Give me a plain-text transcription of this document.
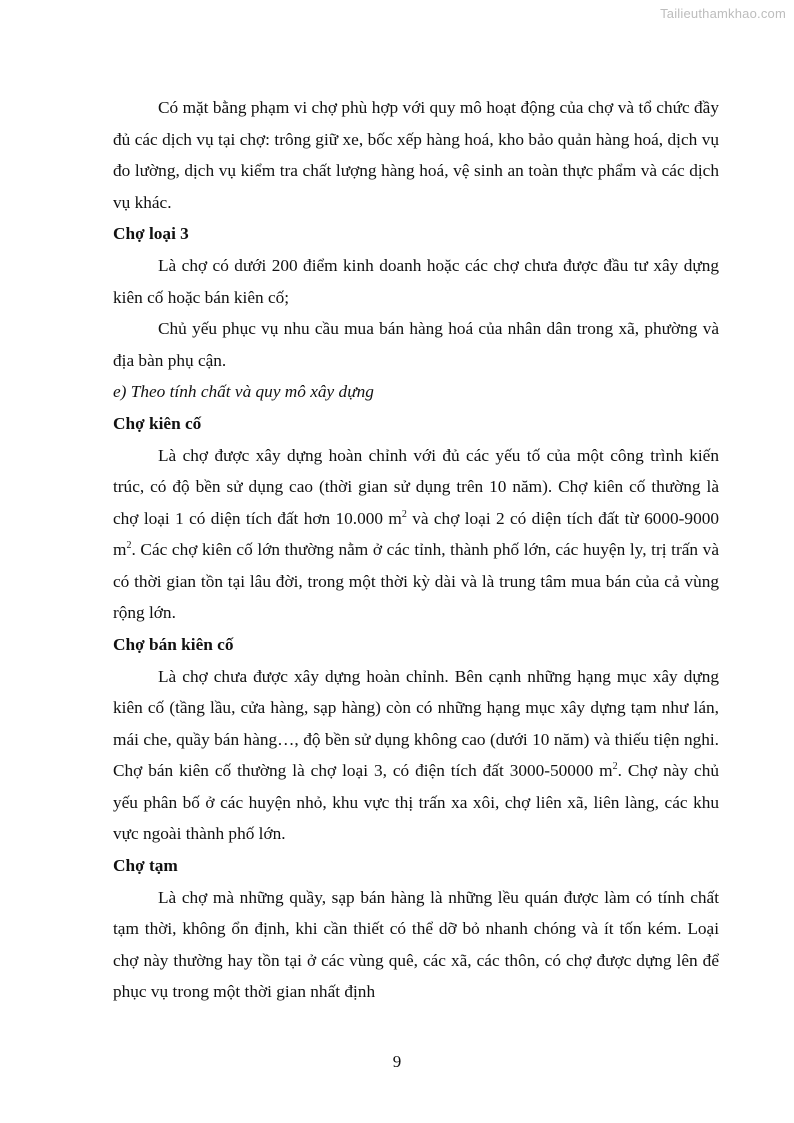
Tailieuthamkhao.com

Có mặt bằng phạm vi chợ phù hợp với quy mô hoạt động của chợ và tổ chức đầy đủ các dịch vụ tại chợ: trông giữ xe, bốc xếp hàng hoá, kho bảo quản hàng hoá, dịch vụ đo lường, dịch vụ kiểm tra chất lượng hàng hoá, vệ sinh an toàn thực phẩm và các dịch vụ khác.

Chợ loại 3

Là chợ có dưới 200 điểm kinh doanh hoặc các chợ chưa được đầu tư xây dựng kiên cố hoặc bán kiên cố;

Chủ yếu phục vụ nhu cầu mua bán hàng hoá của nhân dân trong xã, phường và địa bàn phụ cận.

e) Theo tính chất và quy mô xây dựng

Chợ kiên cố

Là chợ được xây dựng hoàn chỉnh với đủ các yếu tố của một công trình kiến trúc, có độ bền sử dụng cao (thời gian sử dụng trên 10 năm). Chợ kiên cố thường là chợ loại 1 có diện tích đất hơn 10.000 $m^2$ và chợ loại 2 có diện tích đất từ 6000-9000 $m^2$. Các chợ kiên cố lớn thường nằm ở các tỉnh, thành phố lớn, các huyện ly, trị trấn và có thời gian tồn tại lâu đời, trong một thời kỳ dài và là trung tâm mua bán của cả vùng rộng lớn.

Chợ bán kiên cố

Là chợ chưa được xây dựng hoàn chỉnh. Bên cạnh những hạng mục xây dựng kiên cố (tầng lầu, cửa hàng, sạp hàng) còn có những hạng mục xây dựng tạm như lán, mái che, quầy bán hàng…, độ bền sử dụng không cao (dưới 10 năm) và thiếu tiện nghi. Chợ bán kiên cố thường là chợ loại 3, có điện tích đất 3000-50000 $m^2$. Chợ này chủ yếu phân bố ở các huyện nhỏ, khu vực thị trấn xa xôi, chợ liên xã, liên làng, các khu vực ngoài thành phố lớn.

Chợ tạm

Là chợ mà những quầy, sạp bán hàng là những lều quán được làm có tính chất tạm thời, không ổn định, khi cần thiết có thể dỡ bỏ nhanh chóng và ít tốn kém. Loại chợ này thường hay tồn tại ở các vùng quê, các xã, các thôn, có chợ được dựng lên để phục vụ trong một thời gian nhất định

9
